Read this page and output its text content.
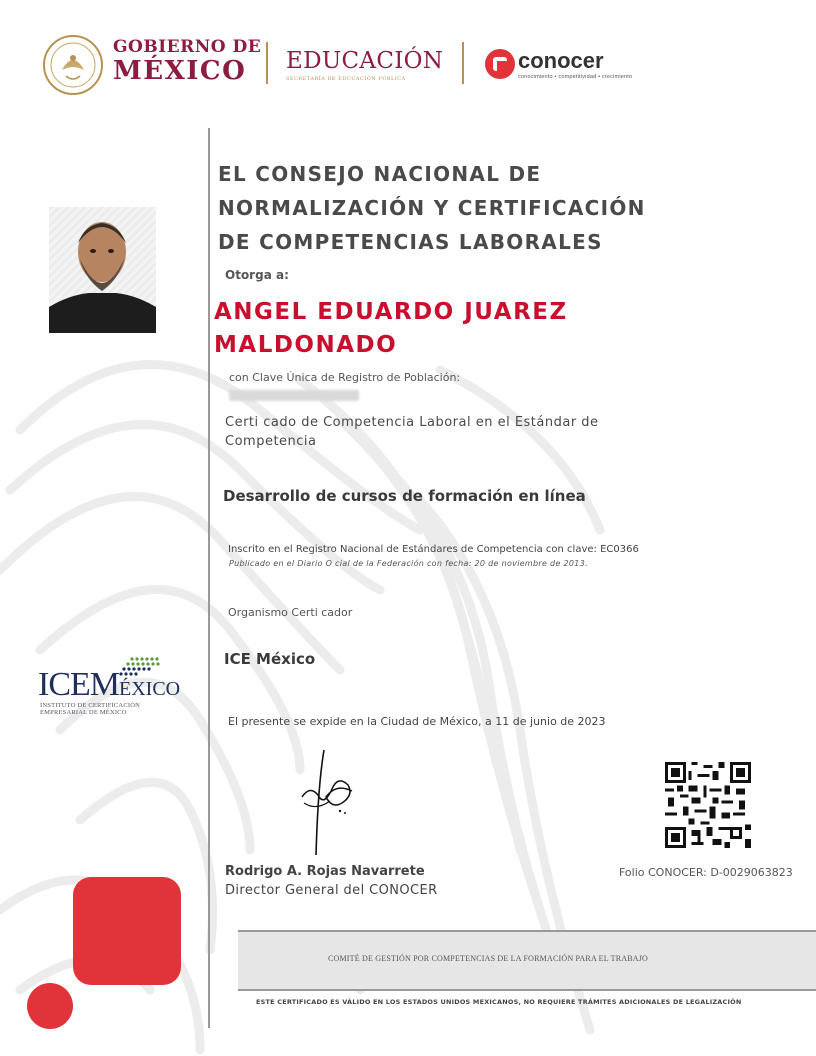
GOBIERNO DE
MÉXICO	EDUCACIÓN
SECRETARÍA DE EDUCACIÓN PÚBLICA
conocer
conocimiento • competitividad • crecimiento
EL CONSEJO NACIONAL DE NORMALIZACIÓN Y CERTIFICACIÓN DE COMPETENCIAS LABORALES
Otorga a:
ANGEL EDUARDO JUAREZ MALDONADO
con Clave Única de Registro de Población:
Certi cado de Competencia Laboral en el Estándar de Competencia
Desarrollo de cursos de formación en línea
Inscrito en el Registro Nacional de Estándares de Competencia con clave: EC0366
Publicado en el Diario O cial de la Federación con fecha: 20 de noviembre de 2013.
Organismo Certi cador
ICE México
ICEMÉXICO
INSTITUTO DE CERTIFICACIÓN
EMPRESARIAL DE MÉXICO
El presente se expide en la Ciudad de México, a 11 de junio de 2023
Rodrigo A. Rojas Navarrete
Director General del CONOCER
Folio CONOCER: D-0029063823
COMITÉ DE GESTIÓN POR COMPETENCIAS DE LA FORMACIÓN PARA EL TRABAJO
ESTE CERTIFICADO ES VÁLIDO EN LOS ESTADOS UNIDOS MEXICANOS, NO REQUIERE TRÁMITES ADICIONALES DE LEGALIZACIÓN
